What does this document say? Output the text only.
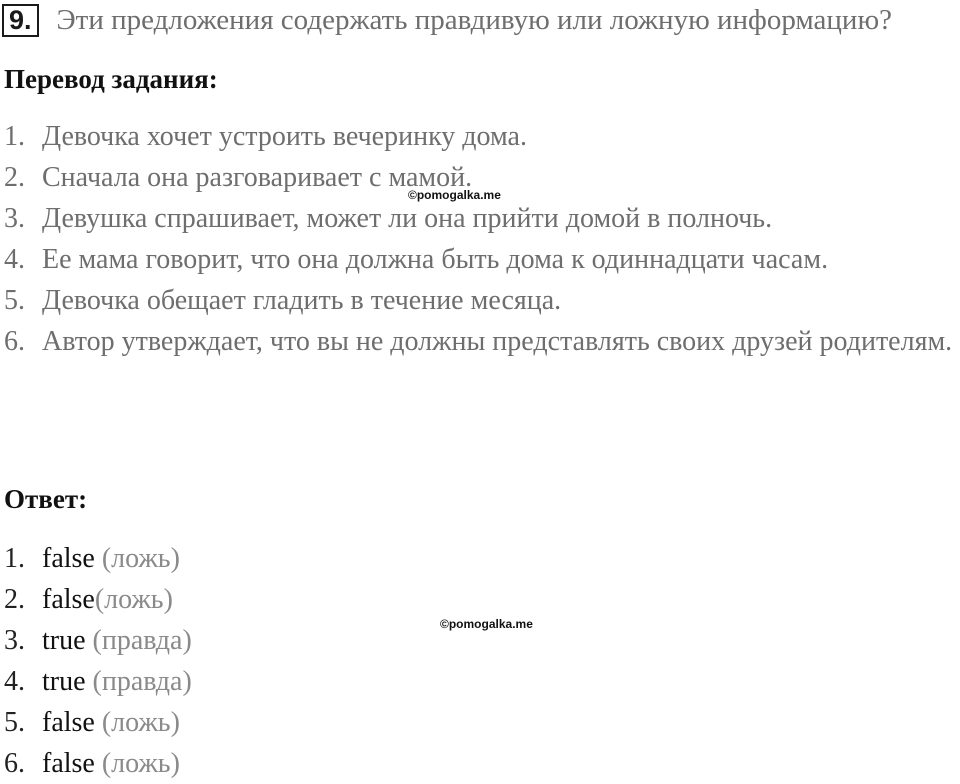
9. Эти предложения содержать правдивую или ложную информацию?
Перевод задания:
1. Девочка хочет устроить вечеринку дома.
2. Сначала она разговаривает с мамой.
3. Девушка спрашивает, может ли она прийти домой в полночь.
4. Ее мама говорит, что она должна быть дома к одиннадцати часам.
5. Девочка обещает гладить в течение месяца.
6. Автор утверждает, что вы не должны представлять своих друзей родителям.
©pomogalka.me
Ответ:
1. false (ложь)
2. false(ложь)
3. true (правда)
4. true (правда)
5. false (ложь)
6. false (ложь)
©pomogalka.me
